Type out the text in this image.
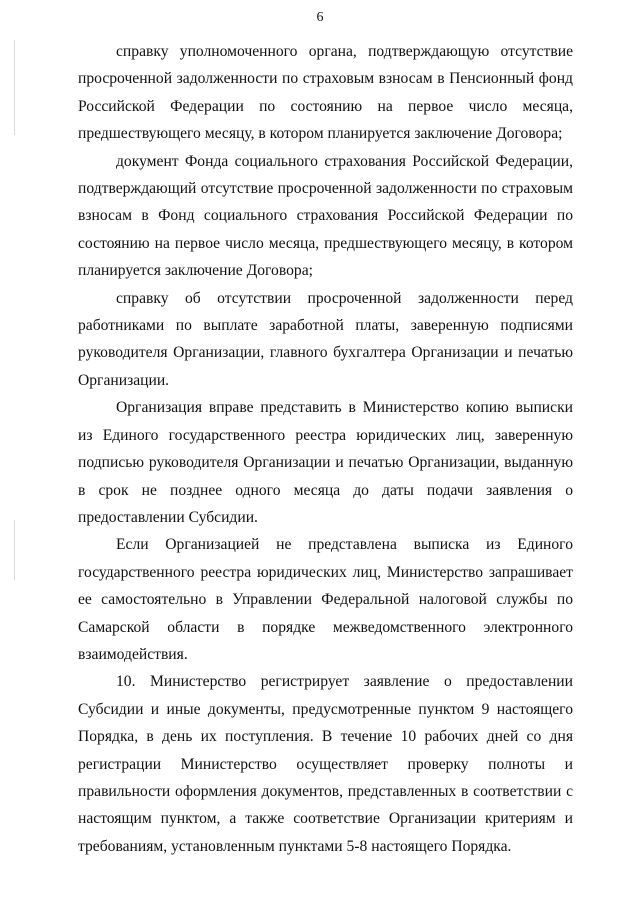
6

справку уполномоченного органа, подтверждающую отсутствие просроченной задолженности по страховым взносам в Пенсионный фонд Российской Федерации по состоянию на первое число месяца, предшествующего месяцу, в котором планируется заключение Договора;

документ Фонда социального страхования Российской Федерации, подтверждающий отсутствие просроченной задолженности по страховым взносам в Фонд социального страхования Российской Федерации по состоянию на первое число месяца, предшествующего месяцу, в котором планируется заключение Договора;

справку об отсутствии просроченной задолженности перед работниками по выплате заработной платы, заверенную подписями руководителя Организации, главного бухгалтера Организации и печатью Организации.

Организация вправе представить в Министерство копию выписки из Единого государственного реестра юридических лиц, заверенную подписью руководителя Организации и печатью Организации, выданную в срок не позднее одного месяца до даты подачи заявления о предоставлении Субсидии.

Если Организацией не представлена выписка из Единого государственного реестра юридических лиц, Министерство запрашивает ее самостоятельно в Управлении Федеральной налоговой службы по Самарской области в порядке межведомственного электронного взаимодействия.

10. Министерство регистрирует заявление о предоставлении Субсидии и иные документы, предусмотренные пунктом 9 настоящего Порядка, в день их поступления. В течение 10 рабочих дней со дня регистрации Министерство осуществляет проверку полноты и правильности оформления документов, представленных в соответствии с настоящим пунктом, а также соответствие Организации критериям и требованиям, установленным пунктами 5-8 настоящего Порядка.
